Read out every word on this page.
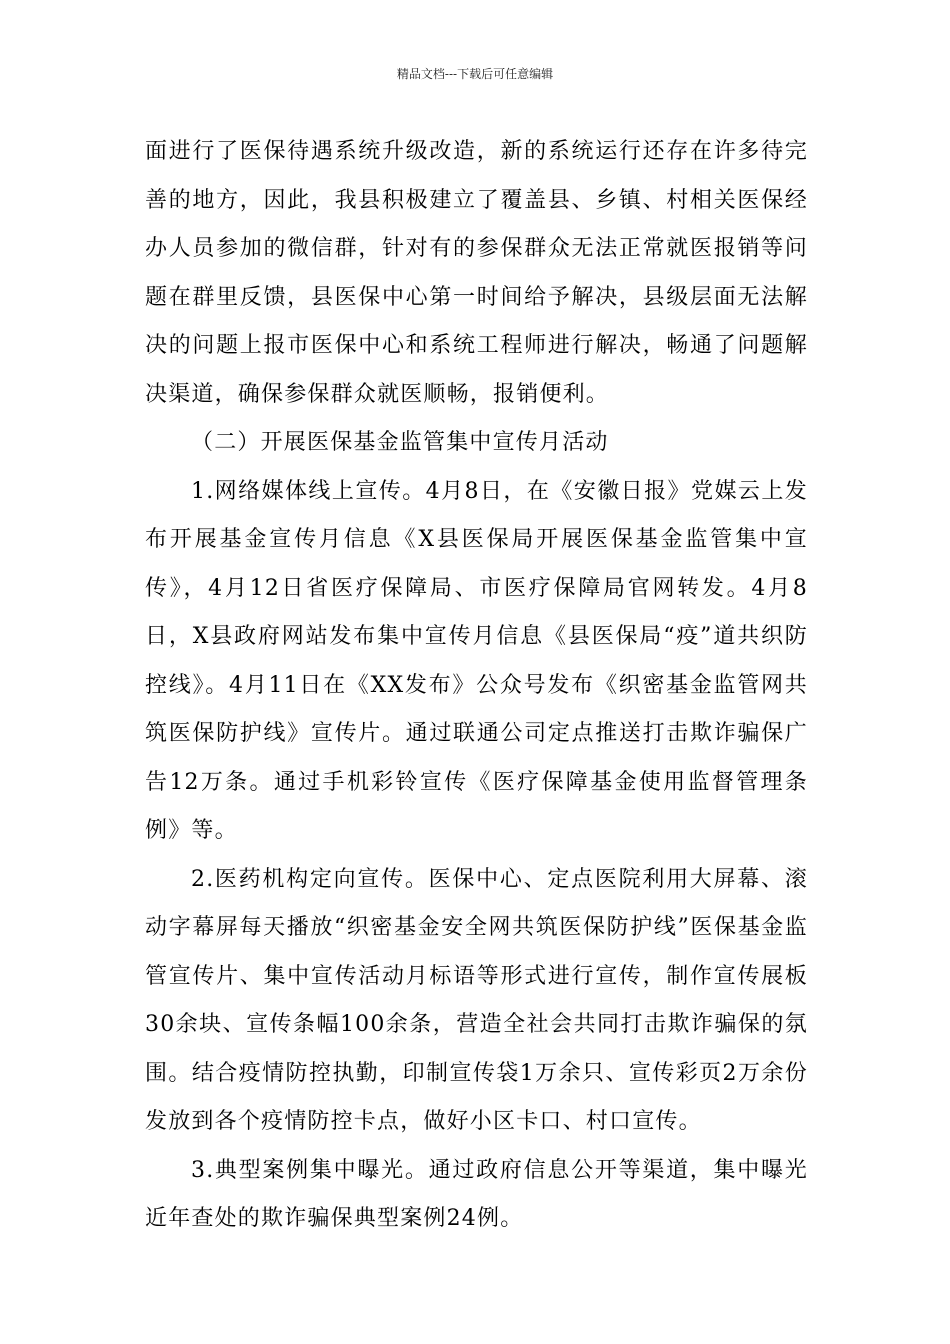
精品文档---下载后可任意编辑

面进行了医保待遇系统升级改造，新的系统运行还存在许多待完善的地方，因此，我县积极建立了覆盖县、乡镇、村相关医保经办人员参加的微信群，针对有的参保群众无法正常就医报销等问题在群里反馈，县医保中心第一时间给予解决，县级层面无法解决的问题上报市医保中心和系统工程师进行解决，畅通了问题解决渠道，确保参保群众就医顺畅，报销便利。

（二）开展医保基金监管集中宣传月活动

1.网络媒体线上宣传。4月8日，在《安徽日报》党媒云上发布开展基金宣传月信息《X县医保局开展医保基金监管集中宣传》，4月12日省医疗保障局、市医疗保障局官网转发。4月8日，X县政府网站发布集中宣传月信息《县医保局“疫”道共织防控线》。4月11日在《XX发布》公众号发布《织密基金监管网共筑医保防护线》宣传片。通过联通公司定点推送打击欺诈骗保广告12万条。通过手机彩铃宣传《医疗保障基金使用监督管理条例》等。

2.医药机构定向宣传。医保中心、定点医院利用大屏幕、滚动字幕屏每天播放“织密基金安全网共筑医保防护线”医保基金监管宣传片、集中宣传活动月标语等形式进行宣传，制作宣传展板30余块、宣传条幅100余条，营造全社会共同打击欺诈骗保的氛围。结合疫情防控执勤，印制宣传袋1万余只、宣传彩页2万余份发放到各个疫情防控卡点，做好小区卡口、村口宣传。

3.典型案例集中曝光。通过政府信息公开等渠道，集中曝光近年查处的欺诈骗保典型案例24例。
